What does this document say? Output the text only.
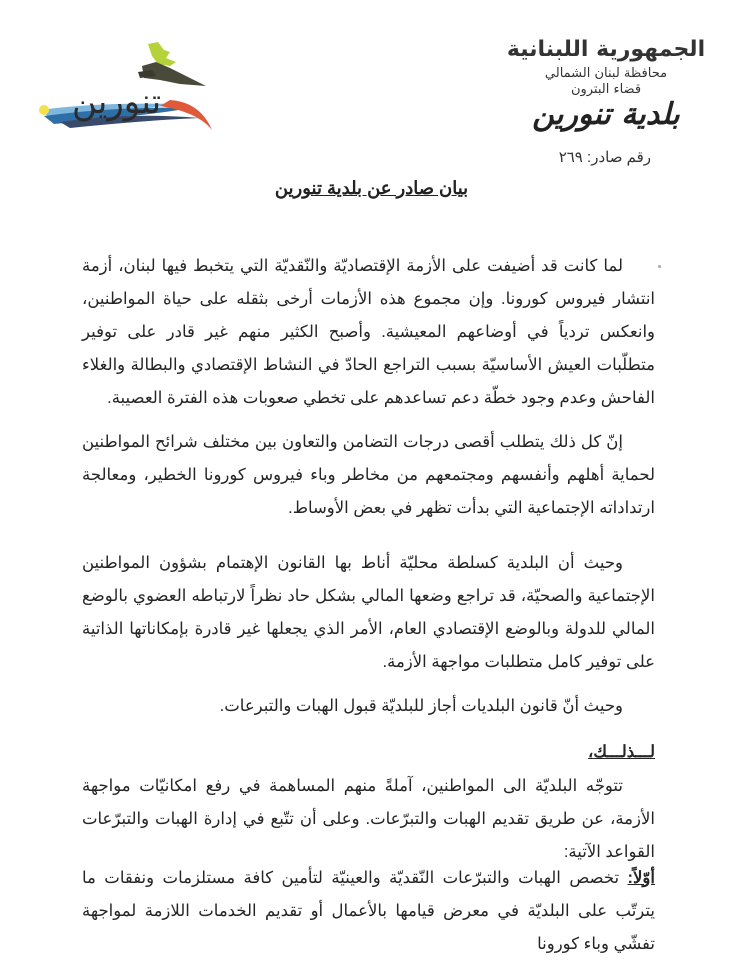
تنورين
الجمهورية اللبنانية
محافظة لبنان الشمالي
قضاء البترون
بلدية تنورين
رقم صادر: ٢٦٩
بيان صادر عن بلدية تنورين

لما كانت قد أضيفت على الأزمة الإقتصاديّة والنّقديّة التي يتخبط فيها لبنان، أزمة انتشار فيروس كورونا. وإن مجموع هذه الأزمات أرخى بثقله على حياة المواطنين، وانعكس تردياً في أوضاعهم المعيشية. وأصبح الكثير منهم غير قادر على توفير متطلّبات العيش الأساسيّة بسبب التراجع الحادّ في النشاط الإقتصادي والبطالة والغلاء الفاحش وعدم وجود خطّة دعم تساعدهم على تخطي صعوبات هذه الفترة العصيبة.

إنّ كل ذلك يتطلب أقصى درجات التضامن والتعاون بين مختلف شرائح المواطنين لحماية أهلهم وأنفسهم ومجتمعهم من مخاطر وباء فيروس كورونا الخطير، ومعالجة ارتداداته الإجتماعية التي بدأت تظهر في بعض الأوساط.

وحيث أن البلدية كسلطة محليّة أناط بها القانون الإهتمام بشؤون المواطنين الإجتماعية والصحيّة، قد تراجع وضعها المالي بشكل حاد نظراً لارتباطه العضوي بالوضع المالي للدولة وبالوضع الإقتصادي العام، الأمر الذي يجعلها غير قادرة بإمكاناتها الذاتية على توفير كامل متطلبات مواجهة الأزمة.

وحيث أنّ قانون البلديات أجاز للبلديّة قبول الهبات والتبرعات.

لـــذلـــك،

تتوجّه البلديّة الى المواطنين، آملةً منهم المساهمة في رفع امكانيّات مواجهة الأزمة، عن طريق تقديم الهبات والتبرّعات. وعلى أن تتّبع في إدارة الهبات والتبرّعات القواعد الآتية:

أوّلاً: تخصص الهبات والتبرّعات النّقديّة والعينيّة لتأمين كافة مستلزمات ونفقات ما يترتّب على البلديّة في معرض قيامها بالأعمال أو تقديم الخدمات اللازمة لمواجهة تفشّي وباء كورونا
